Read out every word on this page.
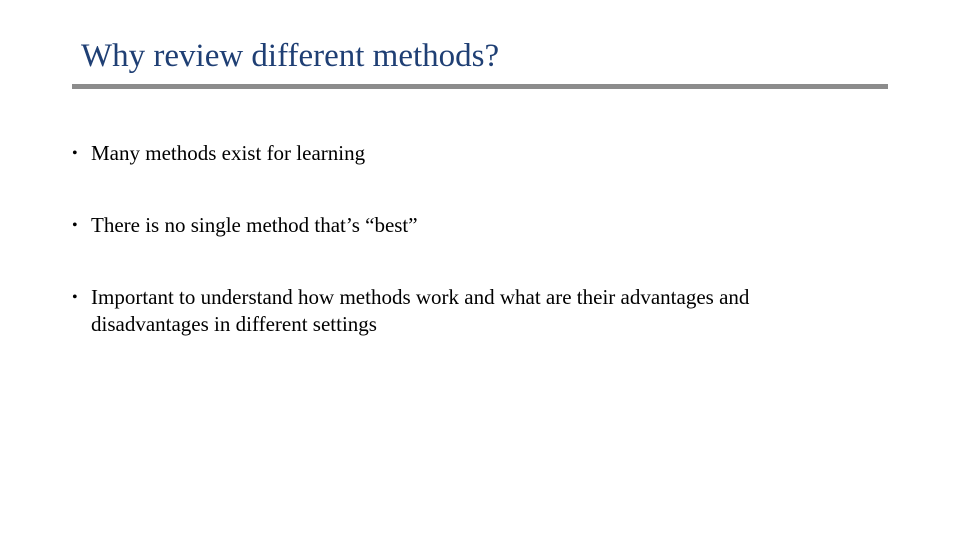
Why review different methods?
• Many methods exist for learning
• There is no single method that’s “best”
• Important to understand how methods work and what are their advantages and disadvantages in different settings
